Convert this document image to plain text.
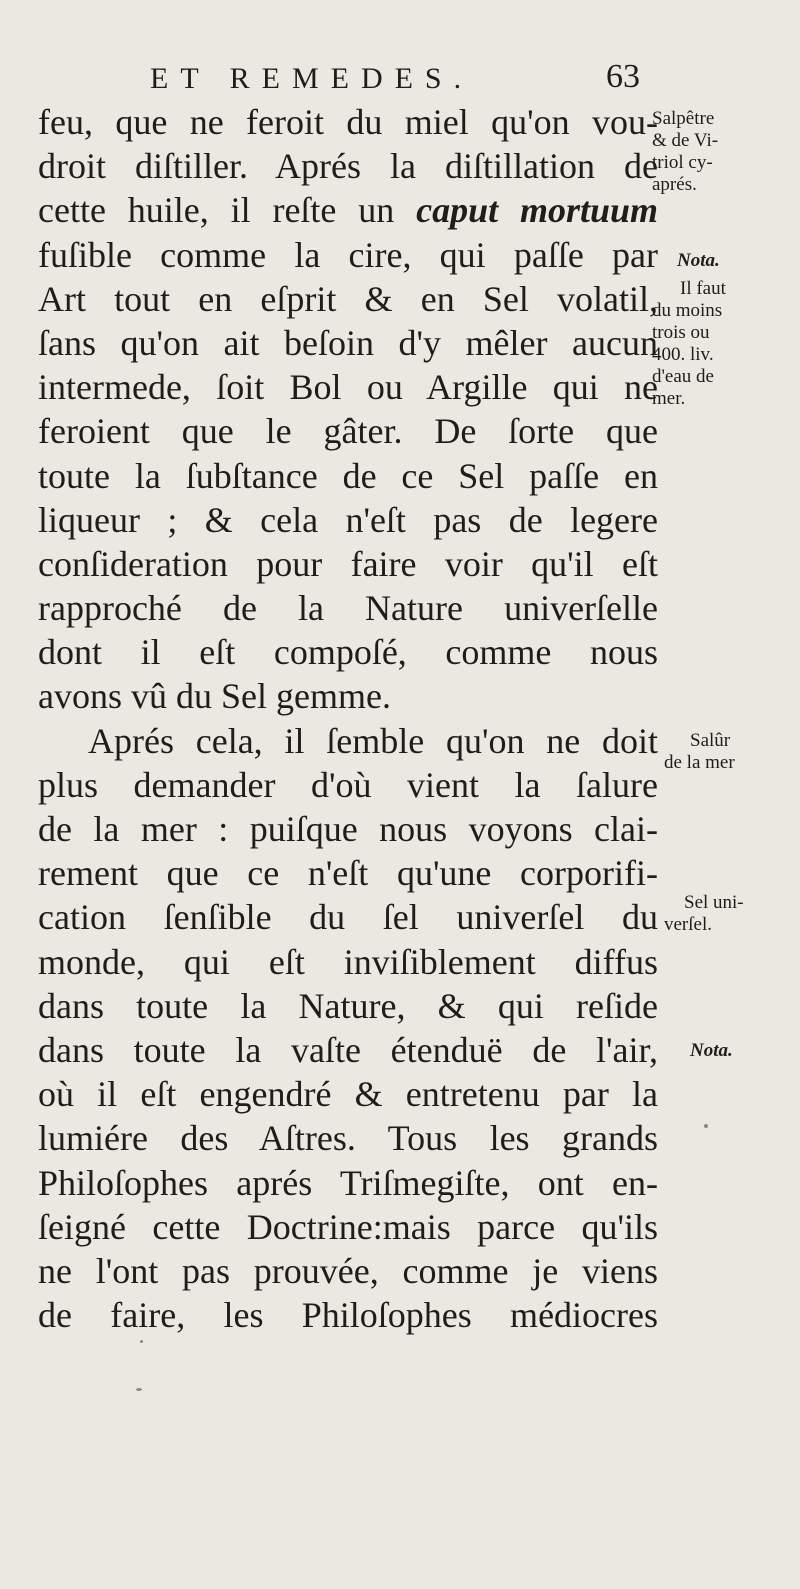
ET REMEDES.	63
feu, que ne feroit du miel qu'on vou-
droit diſtiller. Aprés la diſtillation de
cette huile, il reſte un caput mortuum
fuſible comme la cire, qui paſſe par
Art tout en eſprit & en Sel volatil,
ſans qu'on ait beſoin d'y mêler aucun
intermede, ſoit Bol ou Argille qui ne
feroient que le gâter. De ſorte que
toute la ſubſtance de ce Sel paſſe en
liqueur ; & cela n'eſt pas de legere
conſideration pour faire voir qu'il eſt
rapproché de la Nature univerſelle
dont il eſt compoſé, comme nous
avons vû du Sel gemme.
Aprés cela, il ſemble qu'on ne doit
plus demander d'où vient la ſalure
de la mer : puiſque nous voyons clai-
rement que ce n'eſt qu'une corporifi-
cation ſenſible du ſel univerſel du
monde, qui eſt inviſiblement diffus
dans toute la Nature, & qui reſide
dans toute la vaſte étenduë de l'air,
où il eſt engendré & entretenu par la
lumiére des Aſtres. Tous les grands
Philoſophes aprés Triſmegiſte, ont en-
ſeigné cette Doctrine:mais parce qu'ils
ne l'ont pas prouvée, comme je viens
de faire, les Philoſophes médiocres
Salpêtre
& de Vi-
triol cy-
aprés.
Nota.
Il faut
du moins
trois ou
400. liv.
d'eau de
mer.
Salûr
de la mer
Sel uni-
verſel.
Nota.
